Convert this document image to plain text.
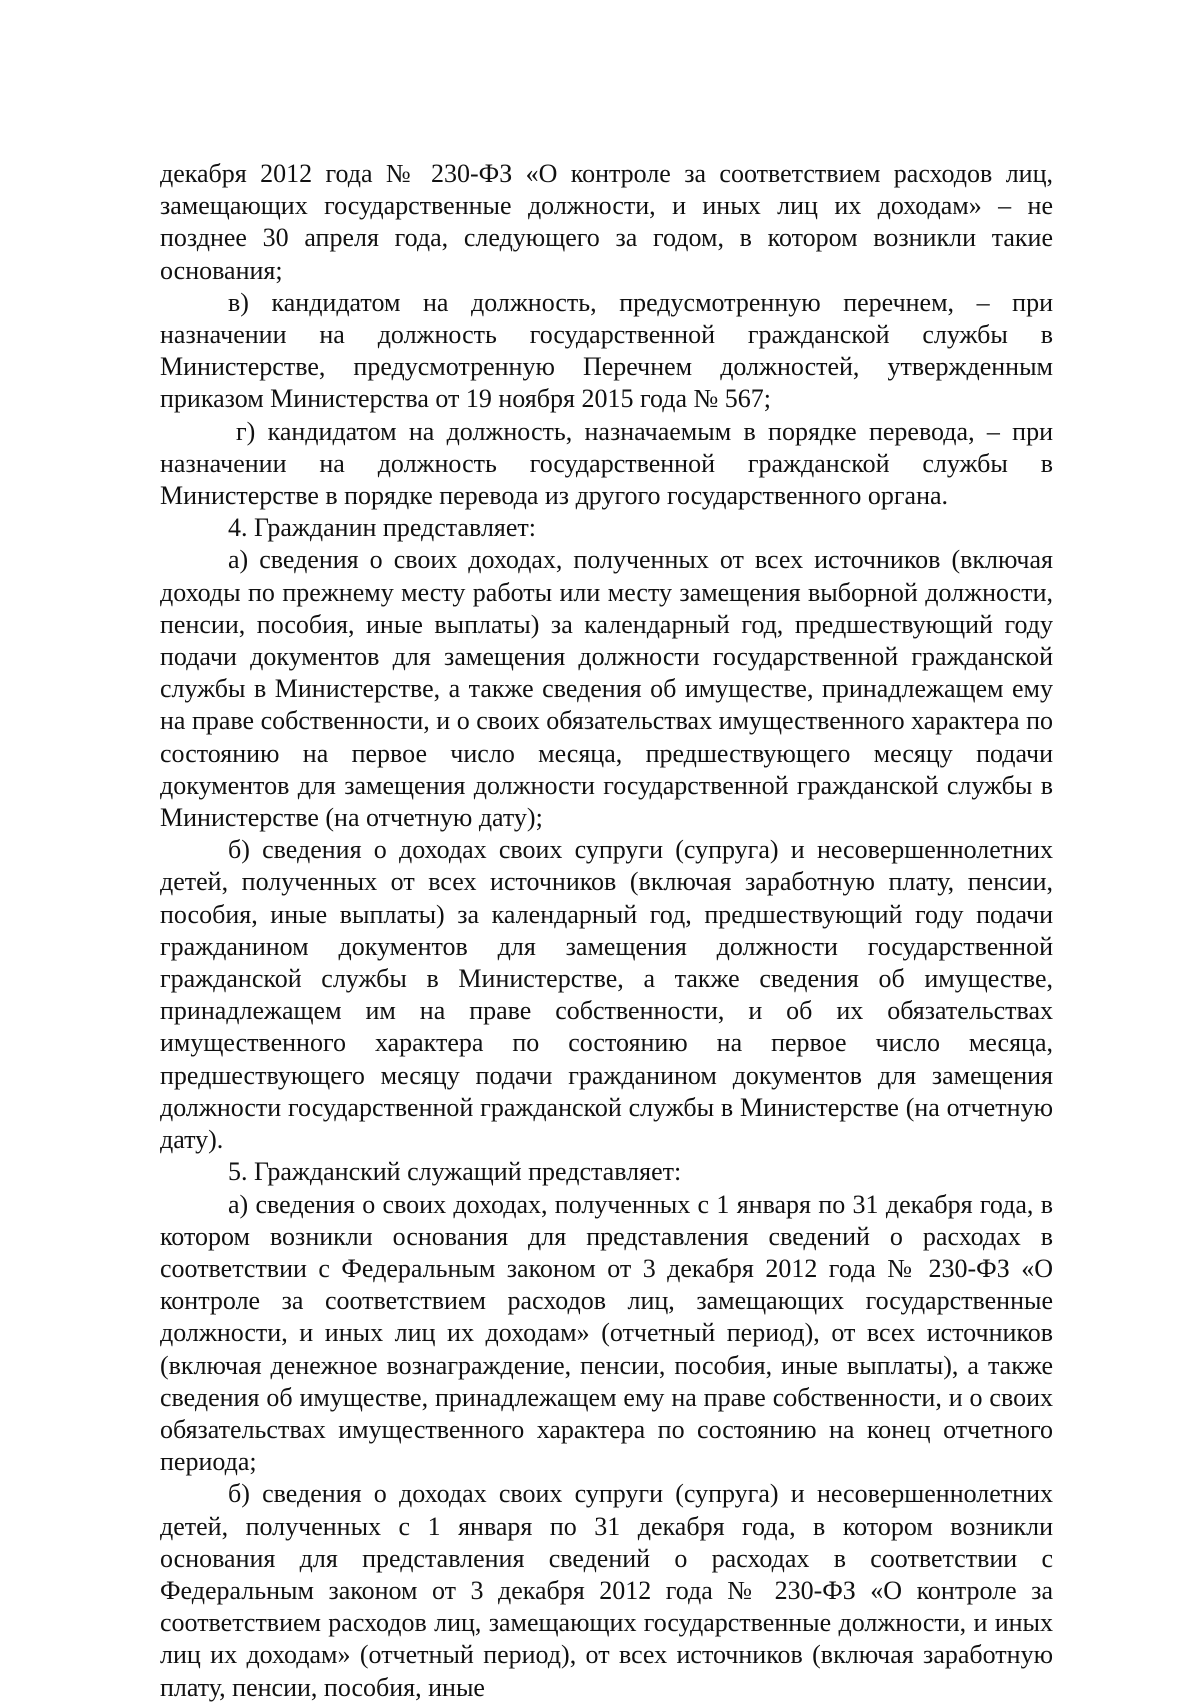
декабря 2012 года № 230-ФЗ «О контроле за соответствием расходов лиц, замещающих государственные должности, и иных лиц их доходам» – не позднее 30 апреля года, следующего за годом, в котором возникли такие основания;

в) кандидатом на должность, предусмотренную перечнем, – при назначении на должность государственной гражданской службы в Министерстве, предусмотренную Перечнем должностей, утвержденным приказом Министерства от 19 ноября 2015 года № 567;

г) кандидатом на должность, назначаемым в порядке перевода, – при назначении на должность государственной гражданской службы в Министерстве в порядке перевода из другого государственного органа.

4. Гражданин представляет:

а) сведения о своих доходах, полученных от всех источников (включая доходы по прежнему месту работы или месту замещения выборной должности, пенсии, пособия, иные выплаты) за календарный год, предшествующий году подачи документов для замещения должности государственной гражданской службы в Министерстве, а также сведения об имуществе, принадлежащем ему на праве собственности, и о своих обязательствах имущественного характера по состоянию на первое число месяца, предшествующего месяцу подачи документов для замещения должности государственной гражданской службы в Министерстве (на отчетную дату);

б) сведения о доходах своих супруги (супруга) и несовершеннолетних детей, полученных от всех источников (включая заработную плату, пенсии, пособия, иные выплаты) за календарный год, предшествующий году подачи гражданином документов для замещения должности государственной гражданской службы в Министерстве, а также сведения об имуществе, принадлежащем им на праве собственности, и об их обязательствах имущественного характера по состоянию на первое число месяца, предшествующего месяцу подачи гражданином документов для замещения должности государственной гражданской службы в Министерстве (на отчетную дату).

5. Гражданский служащий представляет:

а) сведения о своих доходах, полученных с 1 января по 31 декабря года, в котором возникли основания для представления сведений о расходах в соответствии с Федеральным законом от 3 декабря 2012 года № 230-ФЗ «О контроле за соответствием расходов лиц, замещающих государственные должности, и иных лиц их доходам» (отчетный период), от всех источников (включая денежное вознаграждение, пенсии, пособия, иные выплаты), а также сведения об имуществе, принадлежащем ему на праве собственности, и о своих обязательствах имущественного характера по состоянию на конец отчетного периода;

б) сведения о доходах своих супруги (супруга) и несовершеннолетних детей, полученных с 1 января по 31 декабря года, в котором возникли основания для представления сведений о расходах в соответствии с Федеральным законом от 3 декабря 2012 года № 230-ФЗ «О контроле за соответствием расходов лиц, замещающих государственные должности, и иных лиц их доходам» (отчетный период), от всех источников (включая заработную плату, пенсии, пособия, иные
